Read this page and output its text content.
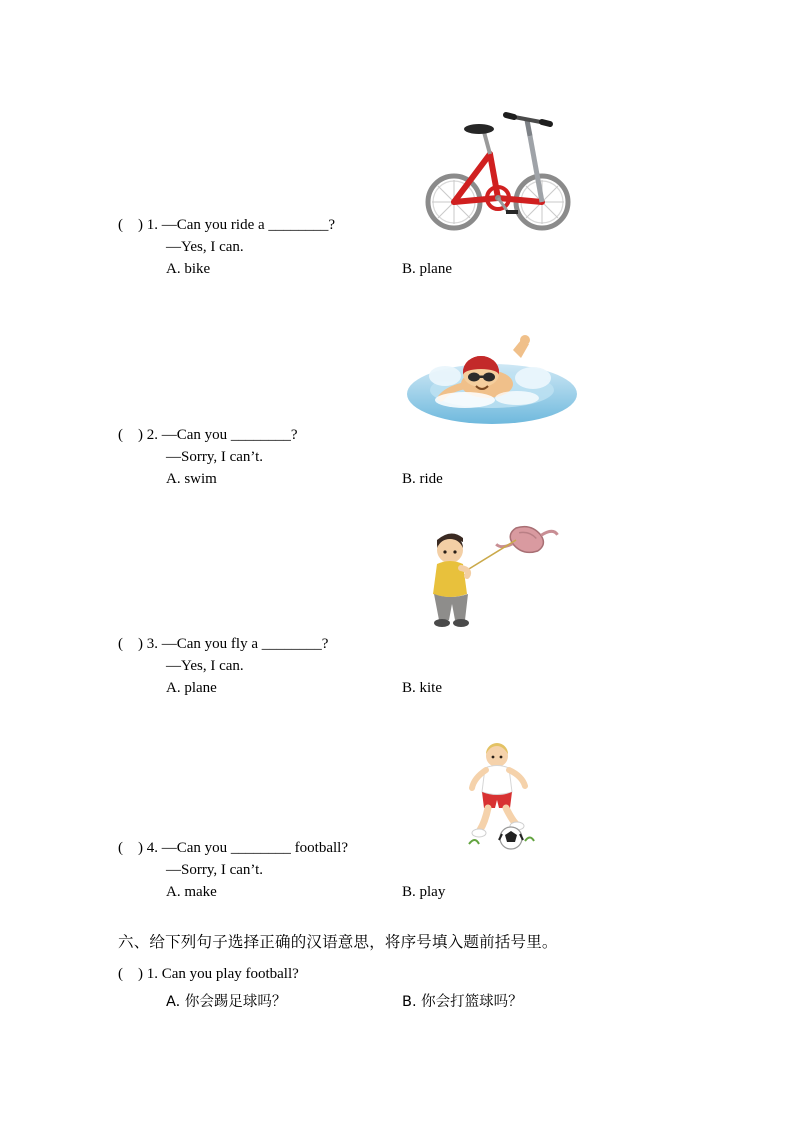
(    ) 1. —Can you ride a ________?
—Yes, I can.
A. bike	B. plane
(    ) 2. —Can you ________?
—Sorry, I can’t.
A. swim	B. ride
(    ) 3. —Can you fly a ________?
—Yes, I can.
A. plane	B. kite
(    ) 4. —Can you ________ football?
—Sorry, I can’t.
A. make	B. play
六、给下列句子选择正确的汉语意思，将序号填入题前括号里。
(    ) 1. Can you play football?
A. 你会踢足球吗？	B. 你会打篮球吗？
